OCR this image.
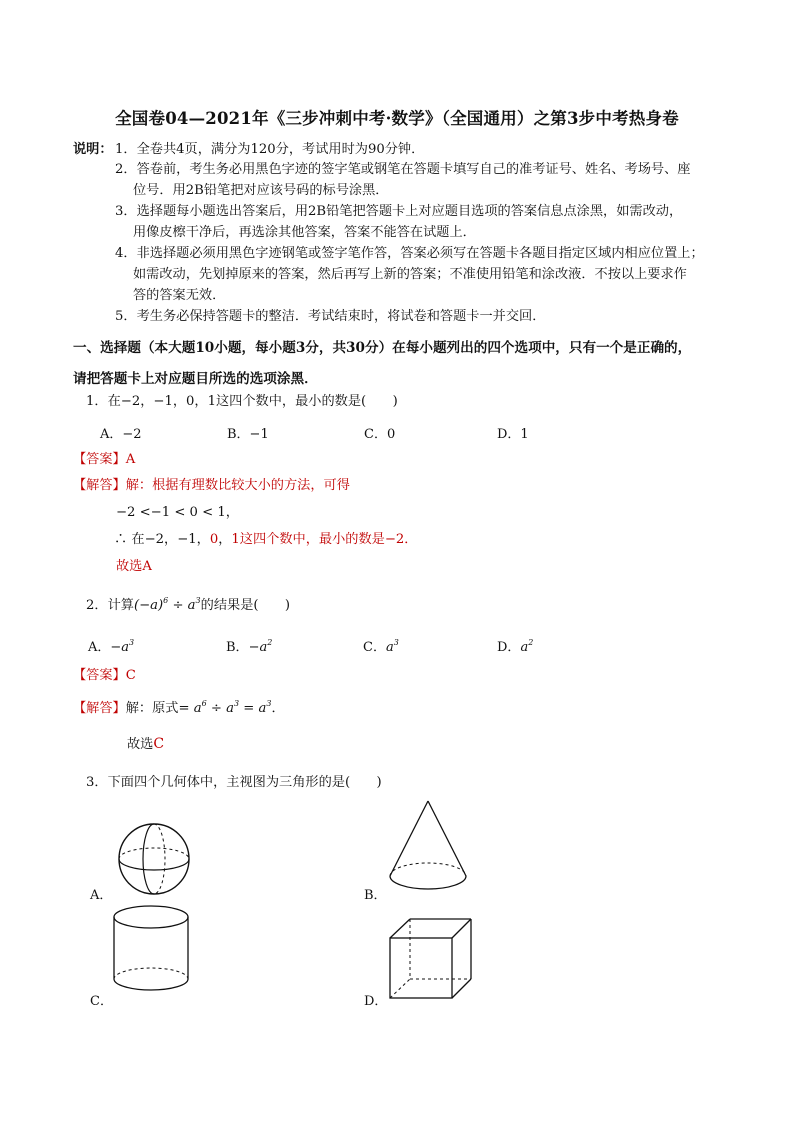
全国卷04—2021年《三步冲刺中考·数学》（全国通用）之第3步中考热身卷
说明： 1．全卷共4页，满分为120分，考试用时为90分钟．
2．答卷前，考生务必用黑色字迹的签字笔或钢笔在答题卡填写自己的准考证号、姓名、考场号、座
位号．用2B铅笔把对应该号码的标号涂黑．
3．选择题每小题选出答案后，用2B铅笔把答题卡上对应题目选项的答案信息点涂黑，如需改动，
用像皮檫干净后，再选涂其他答案，答案不能答在试题上．
4．非选择题必须用黑色字迹钢笔或签字笔作答，答案必须写在答题卡各题目指定区域内相应位置上；
如需改动，先划掉原来的答案，然后再写上新的答案；不准使用铅笔和涂改液．不按以上要求作
答的答案无效．
5．考生务必保持答题卡的整洁．考试结束时，将试卷和答题卡一并交回．
一、选择题（本大题10小题，每小题3分，共30分）在每小题列出的四个选项中，只有一个是正确的，
请把答题卡上对应题目所选的选项涂黑．
1．在−2，−1，0，1这四个数中，最小的数是(　　)
A．−2	B．−1	C．0	D．1
【答案】A
【解答】解：根据有理数比较大小的方法，可得
−2 <−1 < 0 < 1，
∴ 在−2，−1，0，1这四个数中，最小的数是−2．
故选A
2．计算$(-a)^6 \div a^3$的结果是(　　)
A．$-a^3$	B．$-a^2$	C．$a^3$	D．$a^2$
【答案】C
【解答】解：原式= $a^6 \div a^3 = a^3$．
故选C
3．下面四个几何体中，主视图为三角形的是(　　)
A．	B．
C．	D．
